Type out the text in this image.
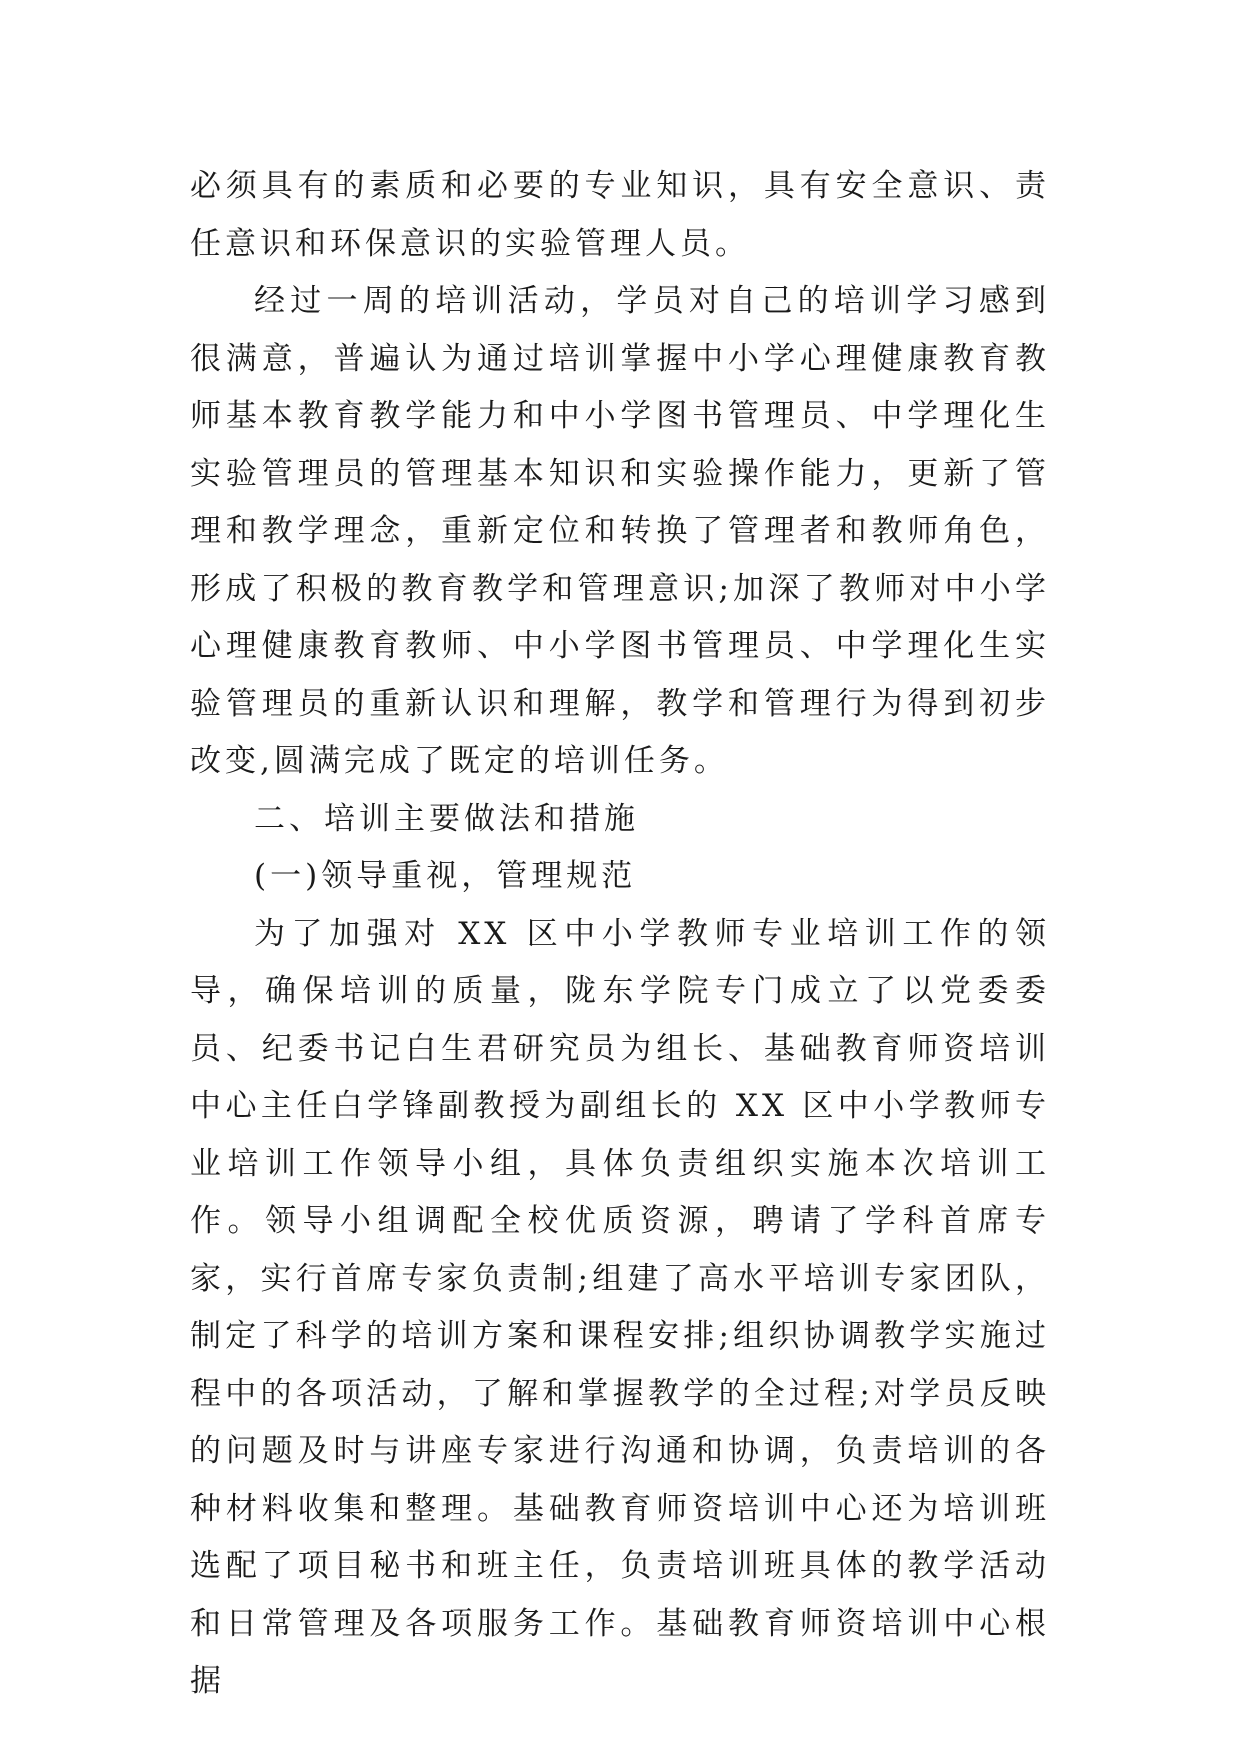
必须具有的素质和必要的专业知识，具有安全意识、责任意识和环保意识的实验管理人员。

经过一周的培训活动，学员对自己的培训学习感到很满意，普遍认为通过培训掌握中小学心理健康教育教师基本教育教学能力和中小学图书管理员、中学理化生实验管理员的管理基本知识和实验操作能力，更新了管理和教学理念，重新定位和转换了管理者和教师角色，形成了积极的教育教学和管理意识;加深了教师对中小学心理健康教育教师、中小学图书管理员、中学理化生实验管理员的重新认识和理解，教学和管理行为得到初步改变,圆满完成了既定的培训任务。

二、培训主要做法和措施

(一)领导重视，管理规范

为了加强对 XX 区中小学教师专业培训工作的领导，确保培训的质量，陇东学院专门成立了以党委委员、纪委书记白生君研究员为组长、基础教育师资培训中心主任白学锋副教授为副组长的 XX 区中小学教师专业培训工作领导小组，具体负责组织实施本次培训工作。领导小组调配全校优质资源，聘请了学科首席专家，实行首席专家负责制;组建了高水平培训专家团队，制定了科学的培训方案和课程安排;组织协调教学实施过程中的各项活动，了解和掌握教学的全过程;对学员反映的问题及时与讲座专家进行沟通和协调，负责培训的各种材料收集和整理。基础教育师资培训中心还为培训班选配了项目秘书和班主任，负责培训班具体的教学活动和日常管理及各项服务工作。基础教育师资培训中心根据
